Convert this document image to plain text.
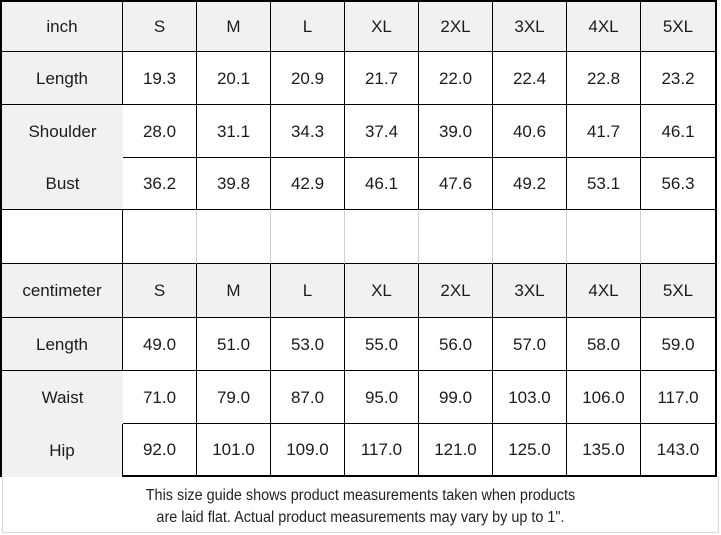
inch	S	M	L	XL	2XL	3XL	4XL	5XL
Length	19.3	20.1	20.9	21.7	22.0	22.4	22.8	23.2
Shoulder	28.0	31.1	34.3	37.4	39.0	40.6	41.7	46.1
Bust	36.2	39.8	42.9	46.1	47.6	49.2	53.1	56.3
centimeter	S	M	L	XL	2XL	3XL	4XL	5XL
Length	49.0	51.0	53.0	55.0	56.0	57.0	58.0	59.0
Waist	71.0	79.0	87.0	95.0	99.0	103.0	106.0	117.0
Hip	92.0	101.0	109.0	117.0	121.0	125.0	135.0	143.0
This size guide shows product measurements taken when products
are laid flat. Actual product measurements may vary by up to 1".
